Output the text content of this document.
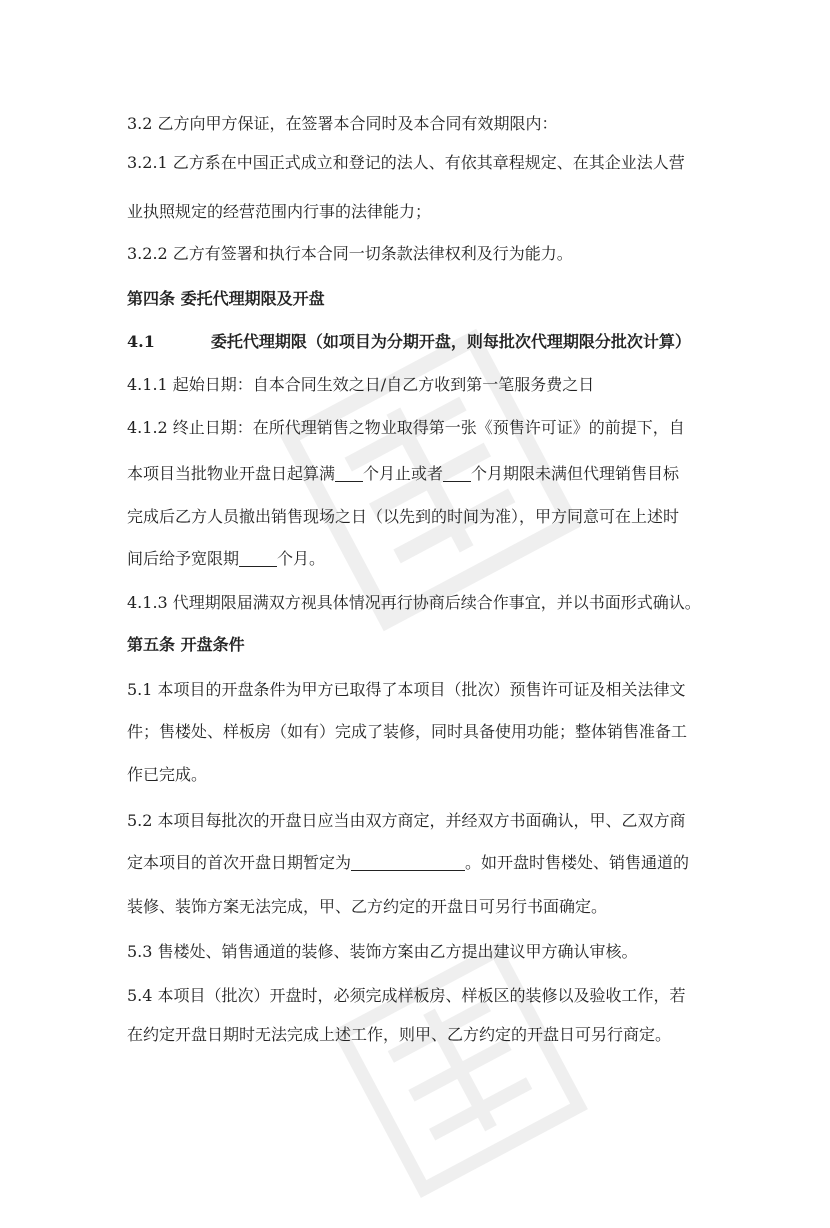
3.2 乙方向甲方保证，在签署本合同时及本合同有效期限内：
3.2.1 乙方系在中国正式成立和登记的法人、有依其章程规定、在其企业法人营
业执照规定的经营范围内行事的法律能力；
3.2.2 乙方有签署和执行本合同一切条款法律权利及行为能力。
第四条 委托代理期限及开盘
4.1	委托代理期限（如项目为分期开盘，则每批次代理期限分批次计算）
4.1.1 起始日期：自本合同生效之日/自乙方收到第一笔服务费之日
4.1.2 终止日期：在所代理销售之物业取得第一张《预售许可证》的前提下，自
本项目当批物业开盘日起算满 个月止或者 个月期限未满但代理销售目标
完成后乙方人员撤出销售现场之日（以先到的时间为准），甲方同意可在上述时
间后给予宽限期 个月。
4.1.3 代理期限届满双方视具体情况再行协商后续合作事宜，并以书面形式确认。
第五条 开盘条件
5.1 本项目的开盘条件为甲方已取得了本项目（批次）预售许可证及相关法律文
件；售楼处、样板房（如有）完成了装修，同时具备使用功能；整体销售准备工
作已完成。
5.2 本项目每批次的开盘日应当由双方商定，并经双方书面确认，甲、乙双方商
定本项目的首次开盘日期暂定为	。如开盘时售楼处、销售通道的
装修、装饰方案无法完成，甲、乙方约定的开盘日可另行书面确定。
5.3 售楼处、销售通道的装修、装饰方案由乙方提出建议甲方确认审核。
5.4 本项目（批次）开盘时，必须完成样板房、样板区的装修以及验收工作，若
在约定开盘日期时无法完成上述工作，则甲、乙方约定的开盘日可另行商定。
